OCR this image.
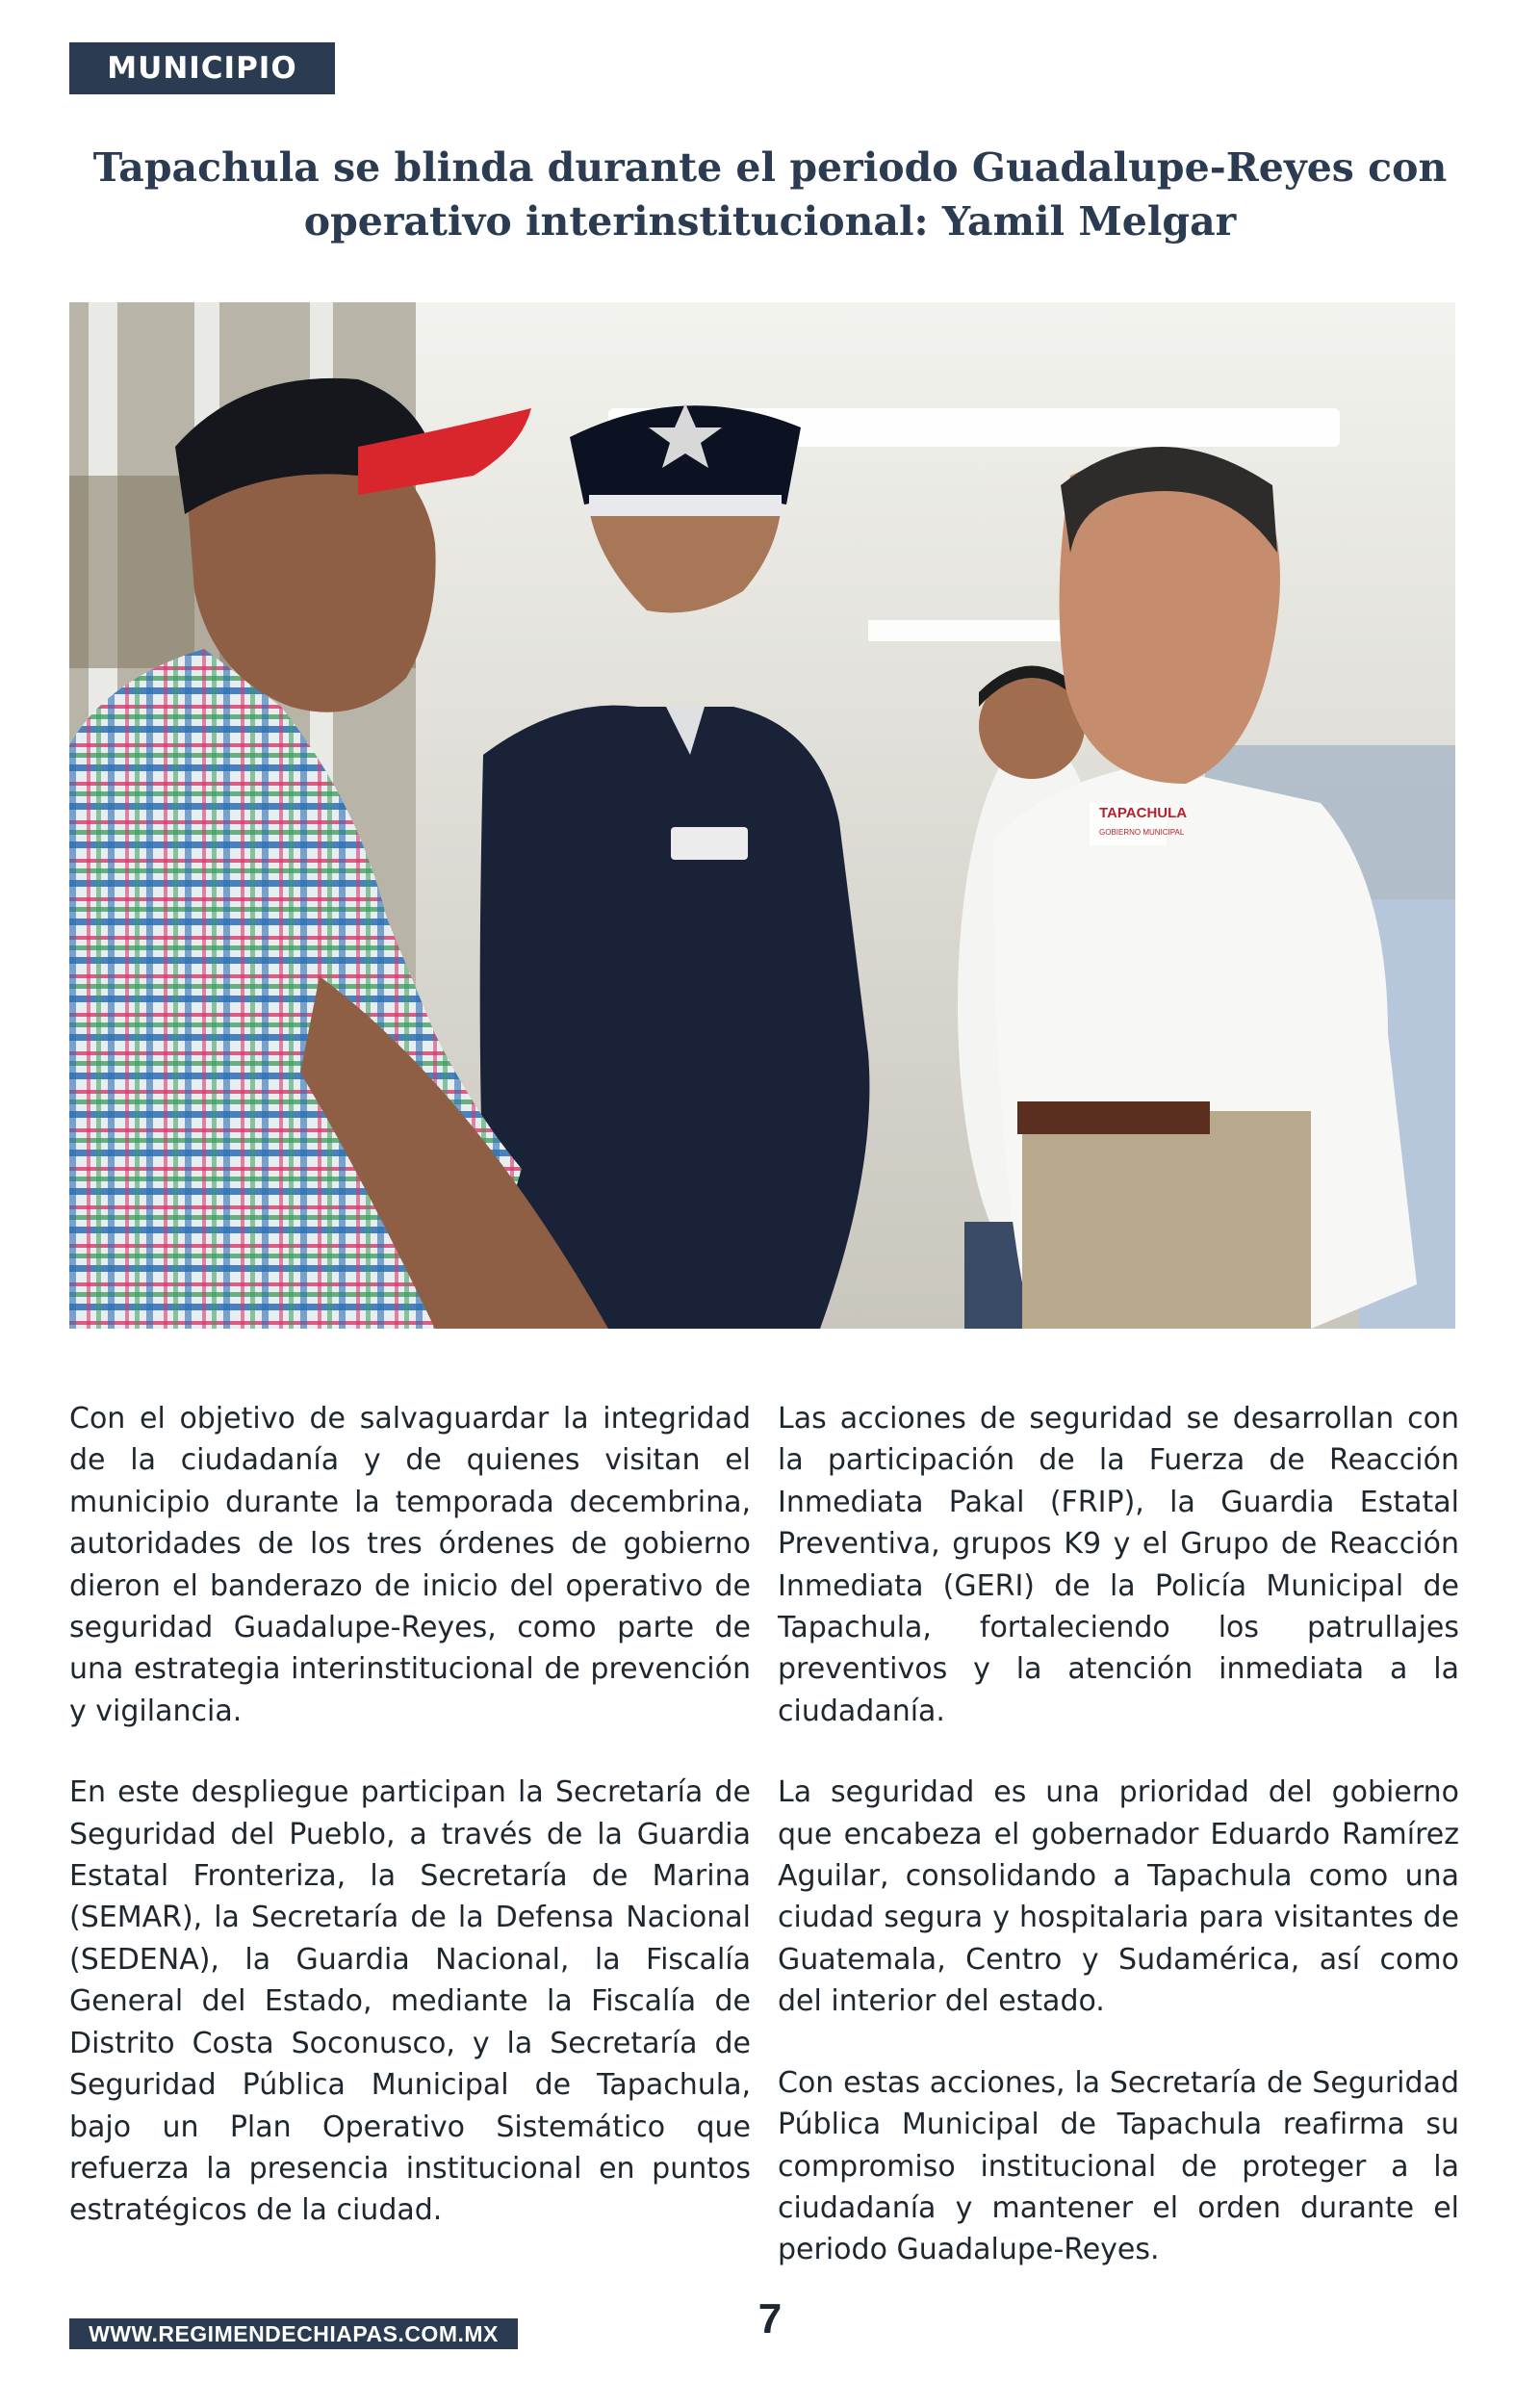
MUNICIPIO
Tapachula se blinda durante el periodo Guadalupe-Reyes con operativo interinstitucional: Yamil Melgar
TAPACHULA
GOBIERNO MUNICIPAL

Con el objetivo de salvaguardar la integridad de la ciudadanía y de quienes visitan el municipio durante la temporada decembrina, autoridades de los tres órdenes de gobierno dieron el banderazo de inicio del operativo de seguridad Guadalupe-Reyes, como parte de una estrategia interinstitucional de prevención y vigilancia.

En este despliegue participan la Secretaría de Seguridad del Pueblo, a través de la Guardia Estatal Fronteriza, la Secretaría de Marina (SEMAR), la Secretaría de la Defensa Nacional (SEDENA), la Guardia Nacional, la Fiscalía General del Estado, mediante la Fiscalía de Distrito Costa Soconusco, y la Secretaría de Seguridad Pública Municipal de Tapachula, bajo un Plan Operativo Sistemático que refuerza la presencia institucional en puntos estratégicos de la ciudad.

Las acciones de seguridad se desarrollan con la participación de la Fuerza de Reacción Inmediata Pakal (FRIP), la Guardia Estatal Preventiva, grupos K9 y el Grupo de Reacción Inmediata (GERI) de la Policía Municipal de Tapachula, fortaleciendo los patrullajes preventivos y la atención inmediata a la ciudadanía.

La seguridad es una prioridad del gobierno que encabeza el gobernador Eduardo Ramírez Aguilar, consolidando a Tapachula como una ciudad segura y hospitalaria para visitantes de Guatemala, Centro y Sudamérica, así como del interior del estado.

Con estas acciones, la Secretaría de Seguridad Pública Municipal de Tapachula reafirma su compromiso institucional de proteger a la ciudadanía y mantener el orden durante el periodo Guadalupe-Reyes.

WWW.REGIMENDECHIAPAS.COM.MX	7
